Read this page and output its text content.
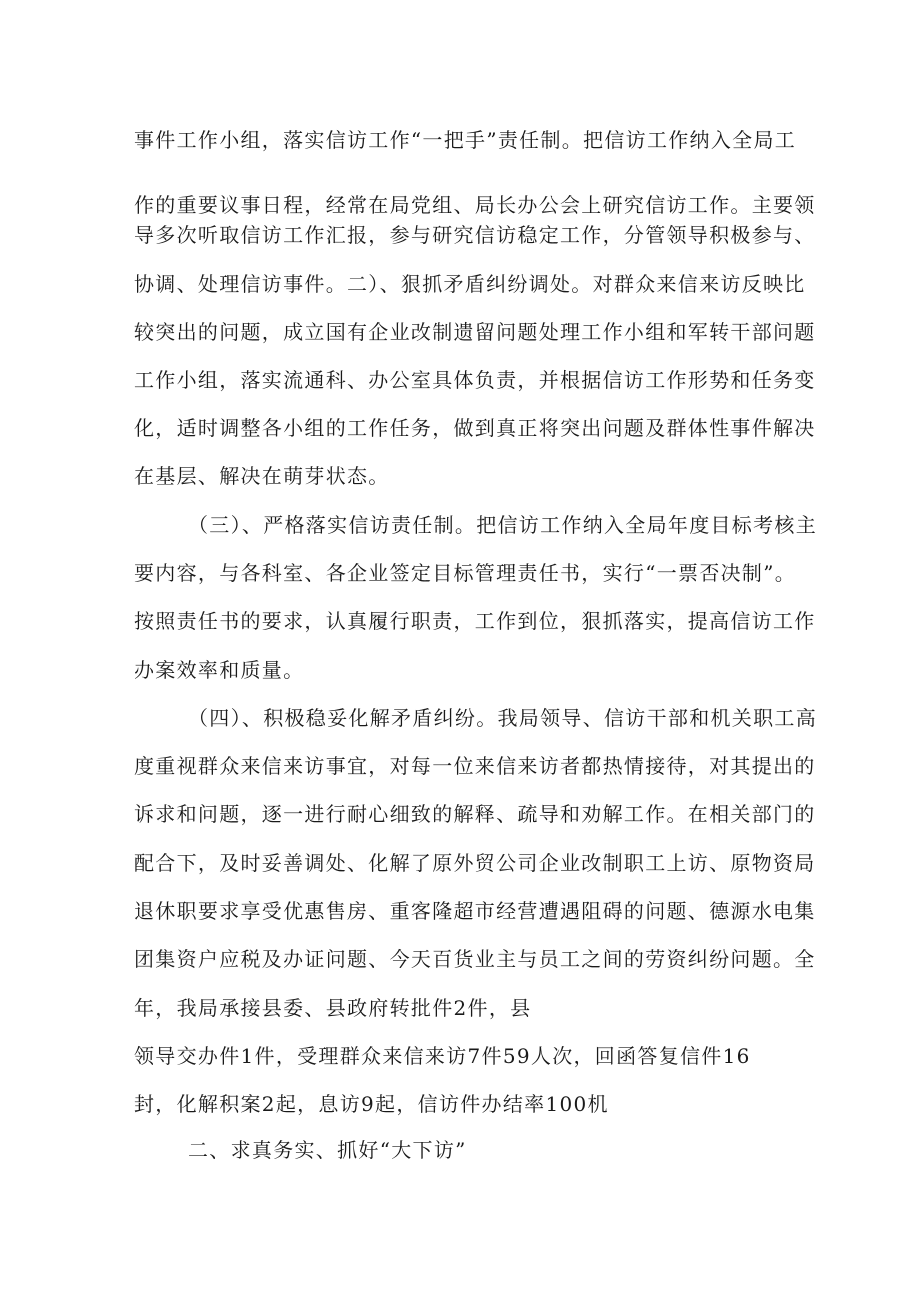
事件工作小组，落实信访工作“一把手”责任制。把信访工作纳入全局工
作的重要议事日程，经常在局党组、局长办公会上研究信访工作。主要领
导多次听取信访工作汇报，参与研究信访稳定工作，分管领导积极参与、
协调、处理信访事件。二）、狠抓矛盾纠纷调处。对群众来信来访反映比
较突出的问题，成立国有企业改制遗留问题处理工作小组和军转干部问题
工作小组，落实流通科、办公室具体负责，并根据信访工作形势和任务变
化，适时调整各小组的工作任务，做到真正将突出问题及群体性事件解决
在基层、解决在萌芽状态。
（三）、严格落实信访责任制。把信访工作纳入全局年度目标考核主
要内容，与各科室、各企业签定目标管理责任书，实行“一票否决制”。
按照责任书的要求，认真履行职责，工作到位，狠抓落实，提高信访工作
办案效率和质量。
（四）、积极稳妥化解矛盾纠纷。我局领导、信访干部和机关职工高
度重视群众来信来访事宜，对每一位来信来访者都热情接待，对其提出的
诉求和问题，逐一进行耐心细致的解释、疏导和劝解工作。在相关部门的
配合下，及时妥善调处、化解了原外贸公司企业改制职工上访、原物资局
退休职要求享受优惠售房、重客隆超市经营遭遇阻碍的问题、德源水电集
团集资户应税及办证问题、今天百货业主与员工之间的劳资纠纷问题。全
年，我局承接县委、县政府转批件2件，县
领导交办件1件，受理群众来信来访7件59人次，回函答复信件16
封，化解积案2起，息访9起，信访件办结率100机
二、求真务实、抓好“大下访”
